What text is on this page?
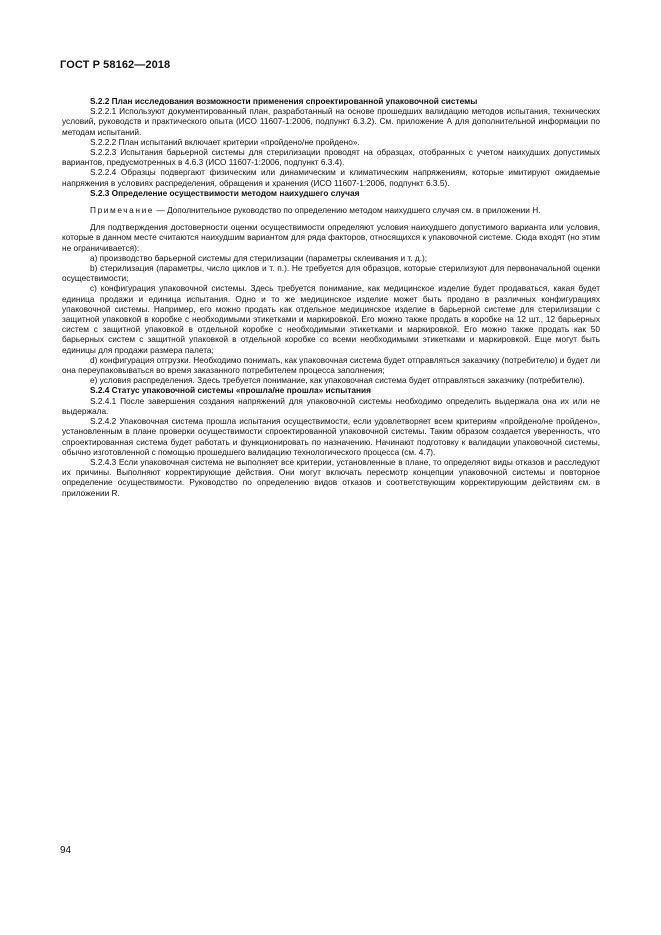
ГОСТ Р 58162—2018

S.2.2 План исследования возможности применения спроектированной упаковочной системы

S.2.2.1 Используют документированный план, разработанный на основе прошедших валидацию методов испытания, технических условий, руководств и практического опыта (ИСО 11607-1:2006, подпункт 6.3.2). См. приложение А для дополнительной информации по методам испытаний.

S.2.2.2 План испытаний включает критерии «пройдено/не пройдено».

S.2.2.3 Испытания барьерной системы для стерилизации проводят на образцах, отобранных с учетом наихудших допустимых вариантов, предусмотренных в 4.6.3 (ИСО 11607-1:2006, подпункт 6.3.4).

S.2.2.4 Образцы подвергают физическим или динамическим и климатическим напряжениям, которые имитируют ожидаемые напряжения в условиях распределения, обращения и хранения (ИСО 11607-1:2006, подпункт 6.3.5).

S.2.3 Определение осуществимости методом наихудшего случая

Примечание — Дополнительное руководство по определению методом наихудшего случая см. в приложении H.

Для подтверждения достоверности оценки осуществимости определяют условия наихудшего допустимого варианта или условия, которые в данном месте считаются наихудшим вариантом для ряда факторов, относящихся к упаковочной системе. Сюда входят (но этим не ограничивается):

a) производство барьерной системы для стерилизации (параметры склеивания и т. д.);

b) стерилизация (параметры, число циклов и т. п.). Не требуется для образцов, которые стерилизуют для первоначальной оценки осуществимости;

c) конфигурация упаковочной системы. Здесь требуется понимание, как медицинское изделие будет продаваться, какая будет единица продажи и единица испытания. Одно и то же медицинское изделие может быть продано в различных конфигурациях упаковочной системы. Например, его можно продать как отдельное медицинское изделие в барьерной системе для стерилизации с защитной упаковкой в коробке с необходимыми этикетками и маркировкой. Его можно также продать в коробке на 12 шт., 12 барьерных систем с защитной упаковкой в отдельной коробке с необходимыми этикетками и маркировкой. Его можно также продать как 50 барьерных систем с защитной упаковкой в отдельной коробке со всеми необходимыми этикетками и маркировкой. Еще могут быть единицы для продажи размера палета;

d) конфигурация отгрузки. Необходимо понимать, как упаковочная система будет отправляться заказчику (потребителю) и будет ли она переупаковываться во время заказанного потребителем процесса заполнения;

e) условия распределения. Здесь требуется понимание, как упаковочная система будет отправляться заказчику (потребителю).

S.2.4 Статус упаковочной системы «прошла/не прошла» испытания

S.2.4.1 После завершения создания напряжений для упаковочной системы необходимо определить выдержала она их или не выдержала.

S.2.4.2 Упаковочная система прошла испытания осуществимости, если удовлетворяет всем критериям «пройдено/не пройдено», установленным в плане проверки осуществимости спроектированной упаковочной системы. Таким образом создается уверенность, что спроектированная система будет работать и функционировать по назначению. Начинают подготовку к валидации упаковочной системы, обычно изготовленной с помощью прошедшего валидацию технологического процесса (см. 4.7).

S.2.4.3 Если упаковочная система не выполняет все критерии, установленные в плане, то определяют виды отказов и расследуют их причины. Выполняют корректирующие действия. Они могут включать пересмотр концепции упаковочной системы и повторное определение осуществимости. Руководство по определению видов отказов и соответствующим корректирующим действиям см. в приложении R.

94
